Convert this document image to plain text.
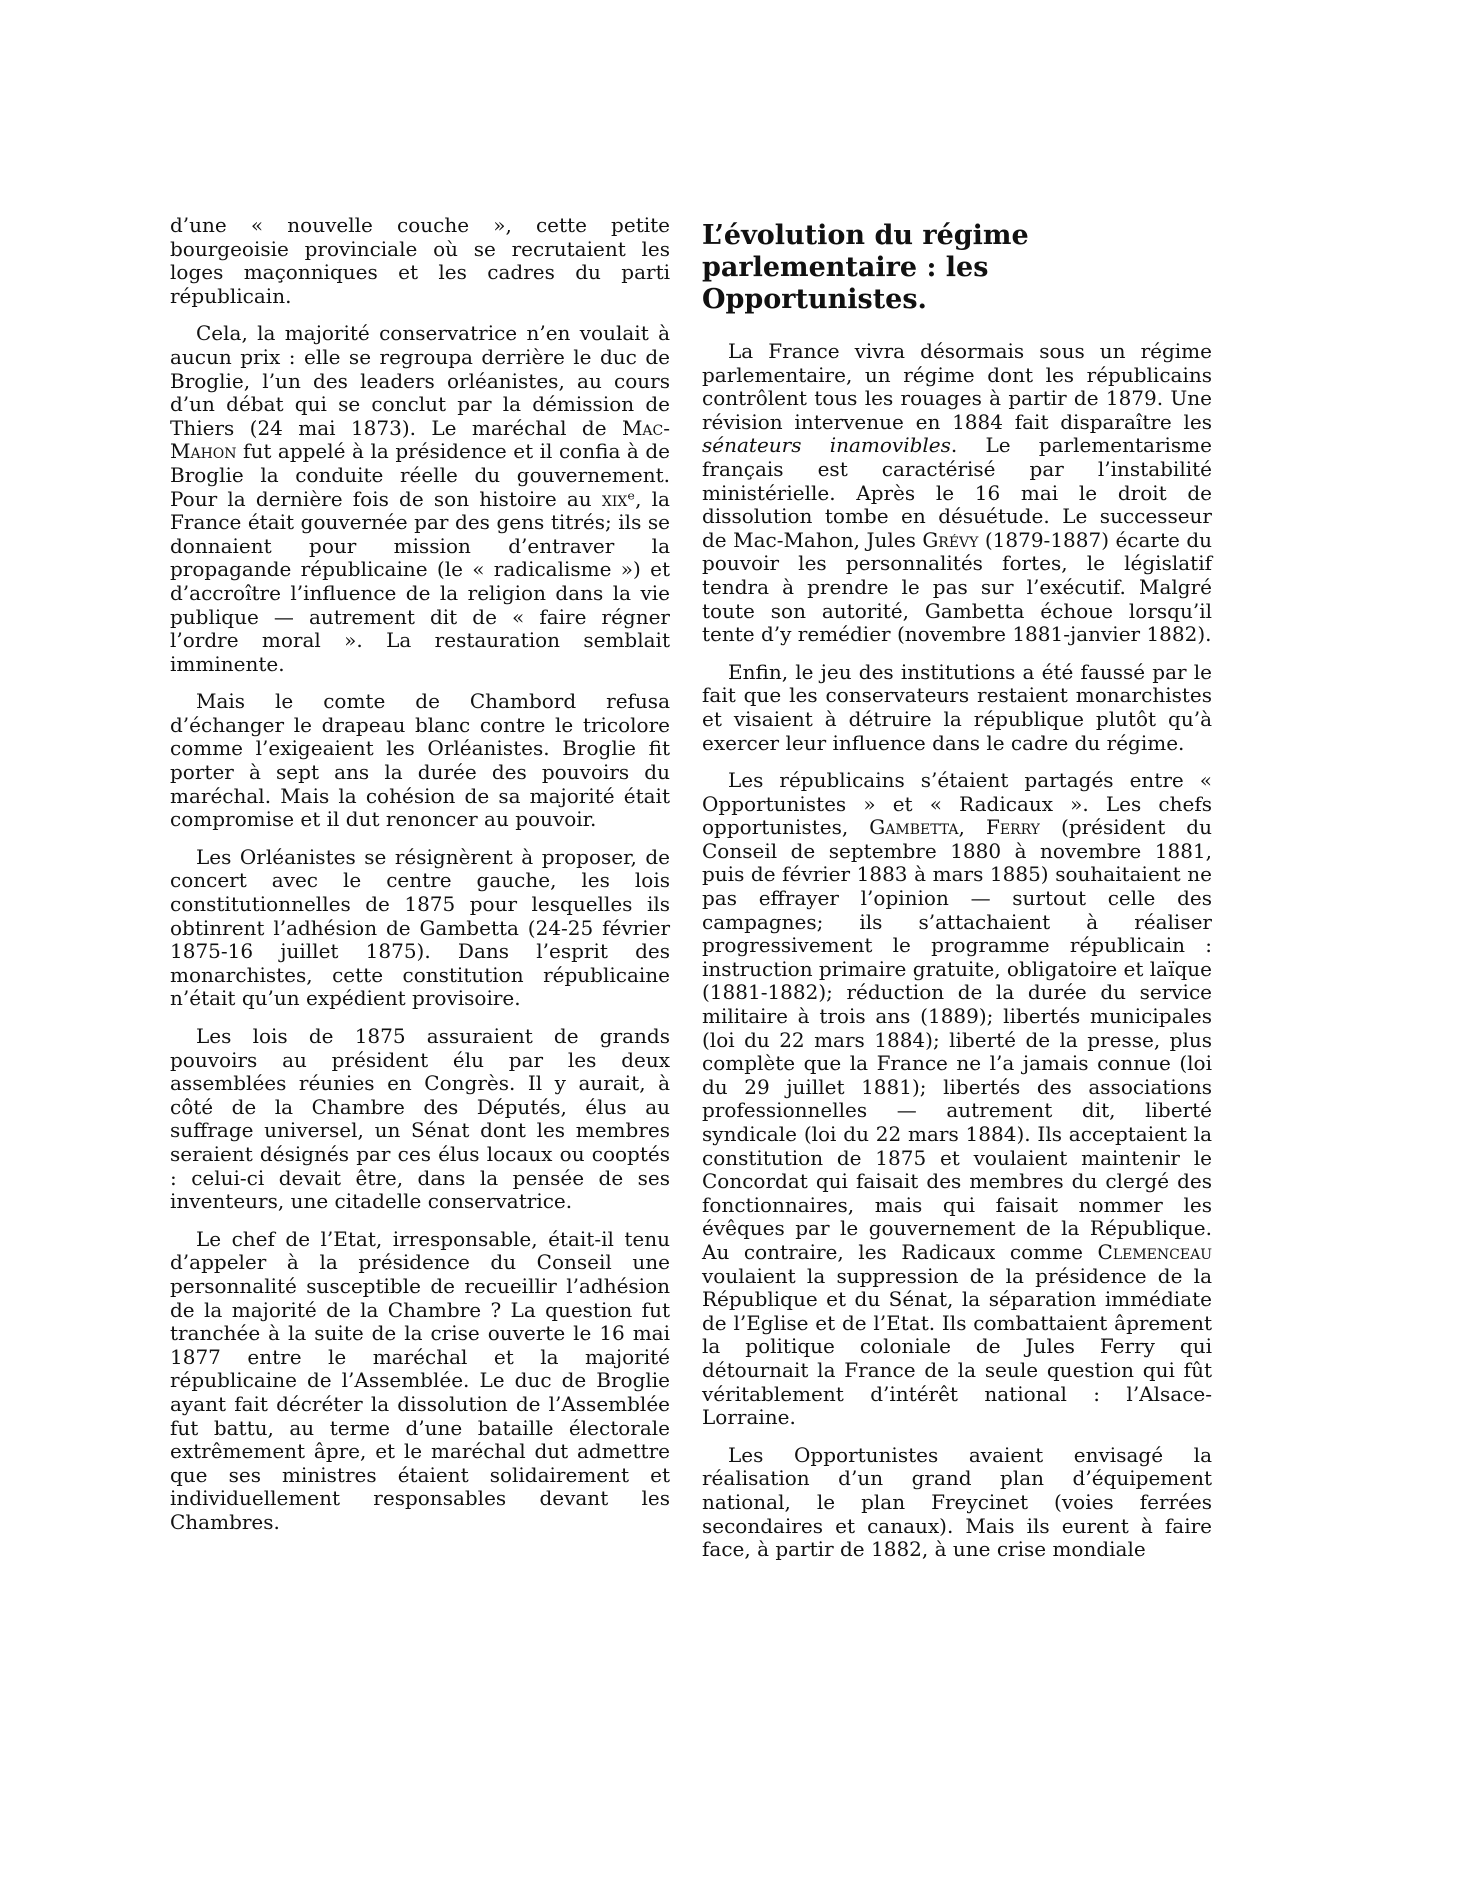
d’une « nouvelle couche », cette petite bourgeoisie provinciale où se recrutaient les loges maçonniques et les cadres du parti républicain.

Cela, la majorité conservatrice n’en voulait à aucun prix : elle se regroupa derrière le duc de Broglie, l’un des leaders orléanistes, au cours d’un débat qui se conclut par la démission de Thiers (24 mai 1873). Le maréchal de Mac-Mahon fut appelé à la présidence et il confia à de Broglie la conduite réelle du gouvernement. Pour la dernière fois de son histoire au xixᵉ, la France était gouvernée par des gens titrés; ils se donnaient pour mission d’entraver la propagande républicaine (le « radicalisme ») et d’accroître l’influence de la religion dans la vie publique — autrement dit de « faire régner l’ordre moral ». La restauration semblait imminente.

Mais le comte de Chambord refusa d’échanger le drapeau blanc contre le tricolore comme l’exigeaient les Orléanistes. Broglie fit porter à sept ans la durée des pouvoirs du maréchal. Mais la cohésion de sa majorité était compromise et il dut renoncer au pouvoir.

Les Orléanistes se résignèrent à proposer, de concert avec le centre gauche, les lois constitutionnelles de 1875 pour lesquelles ils obtinrent l’adhésion de Gambetta (24-25 février 1875-16 juillet 1875). Dans l’esprit des monarchistes, cette constitution républicaine n’était qu’un expédient provisoire.

Les lois de 1875 assuraient de grands pouvoirs au président élu par les deux assemblées réunies en Congrès. Il y aurait, à côté de la Chambre des Députés, élus au suffrage universel, un Sénat dont les membres seraient désignés par ces élus locaux ou cooptés : celui-ci devait être, dans la pensée de ses inventeurs, une citadelle conservatrice.

Le chef de l’Etat, irresponsable, était-il tenu d’appeler à la présidence du Conseil une personnalité susceptible de recueillir l’adhésion de la majorité de la Chambre ? La question fut tranchée à la suite de la crise ouverte le 16 mai 1877 entre le maréchal et la majorité républicaine de l’Assemblée. Le duc de Broglie ayant fait décréter la dissolution de l’Assemblée fut battu, au terme d’une bataille électorale extrêmement âpre, et le maréchal dut admettre que ses ministres étaient solidairement et individuellement responsables devant les Chambres.

L’évolution du régime parlementaire : les Opportunistes.

La France vivra désormais sous un régime parlementaire, un régime dont les républicains contrôlent tous les rouages à partir de 1879. Une révision intervenue en 1884 fait disparaître les sénateurs inamovibles. Le parlementarisme français est caractérisé par l’instabilité ministérielle. Après le 16 mai le droit de dissolution tombe en désuétude. Le successeur de Mac-Mahon, Jules Grévy (1879-1887) écarte du pouvoir les personnalités fortes, le législatif tendra à prendre le pas sur l’exécutif. Malgré toute son autorité, Gambetta échoue lorsqu’il tente d’y remédier (novembre 1881-janvier 1882).

Enfin, le jeu des institutions a été faussé par le fait que les conservateurs restaient monarchistes et visaient à détruire la république plutôt qu’à exercer leur influence dans le cadre du régime.

Les républicains s’étaient partagés entre « Opportunistes » et « Radicaux ». Les chefs opportunistes, Gambetta, Ferry (président du Conseil de septembre 1880 à novembre 1881, puis de février 1883 à mars 1885) souhaitaient ne pas effrayer l’opinion — surtout celle des campagnes; ils s’attachaient à réaliser progressivement le programme républicain : instruction primaire gratuite, obligatoire et laïque (1881-1882); réduction de la durée du service militaire à trois ans (1889); libertés municipales (loi du 22 mars 1884); liberté de la presse, plus complète que la France ne l’a jamais connue (loi du 29 juillet 1881); libertés des associations professionnelles — autrement dit, liberté syndicale (loi du 22 mars 1884). Ils acceptaient la constitution de 1875 et voulaient maintenir le Concordat qui faisait des membres du clergé des fonctionnaires, mais qui faisait nommer les évêques par le gouvernement de la République. Au contraire, les Radicaux comme Clemenceau voulaient la suppression de la présidence de la République et du Sénat, la séparation immédiate de l’Eglise et de l’Etat. Ils combattaient âprement la politique coloniale de Jules Ferry qui détournait la France de la seule question qui fût véritablement d’intérêt national : l’Alsace-Lorraine.

Les Opportunistes avaient envisagé la réalisation d’un grand plan d’équipement national, le plan Freycinet (voies ferrées secondaires et canaux). Mais ils eurent à faire face, à partir de 1882, à une crise mondiale
